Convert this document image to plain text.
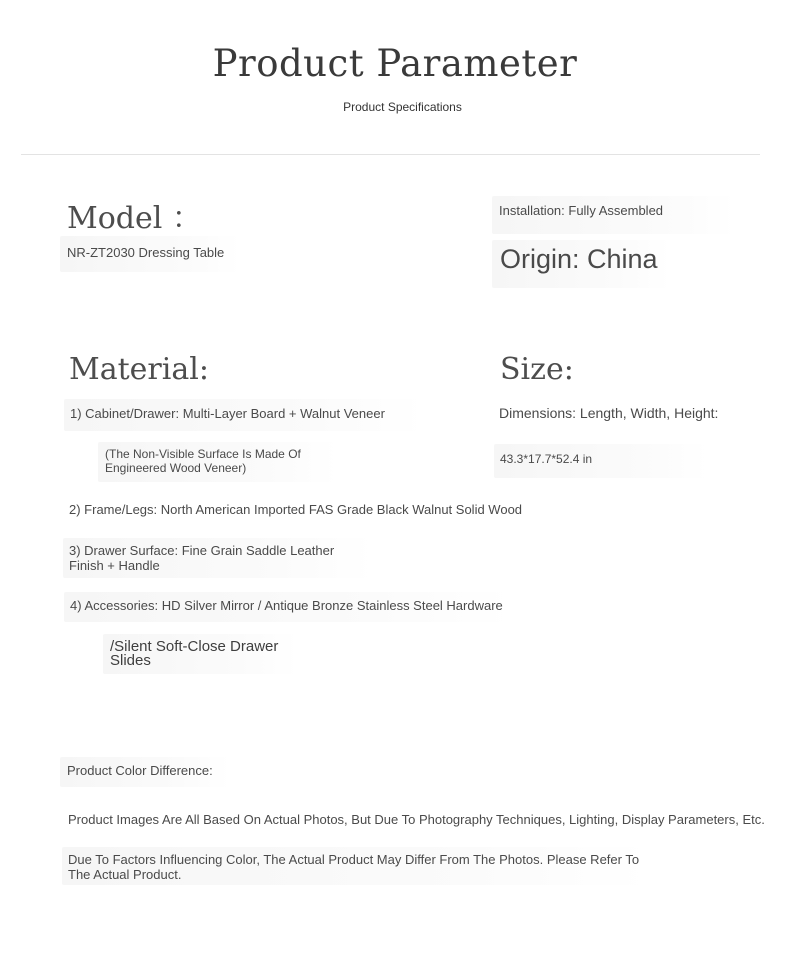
Product Parameter
Product Specifications
Model ：
NR-ZT2030 Dressing Table
Installation: Fully Assembled
Origin: China
Material:
1) Cabinet/Drawer: Multi-Layer Board + Walnut Veneer
(The Non-Visible Surface Is Made Of
Engineered Wood Veneer)
2) Frame/Legs: North American Imported FAS Grade Black Walnut Solid Wood
3) Drawer Surface: Fine Grain Saddle Leather
Finish + Handle
4) Accessories: HD Silver Mirror / Antique Bronze Stainless Steel Hardware
/Silent Soft-Close Drawer
Slides
Size:
Dimensions: Length, Width, Height:
43.3*17.7*52.4 in
Product Color Difference:
Product Images Are All Based On Actual Photos, But Due To Photography Techniques, Lighting, Display Parameters, Etc.
Due To Factors Influencing Color, The Actual Product May Differ From The Photos. Please Refer To
The Actual Product.
